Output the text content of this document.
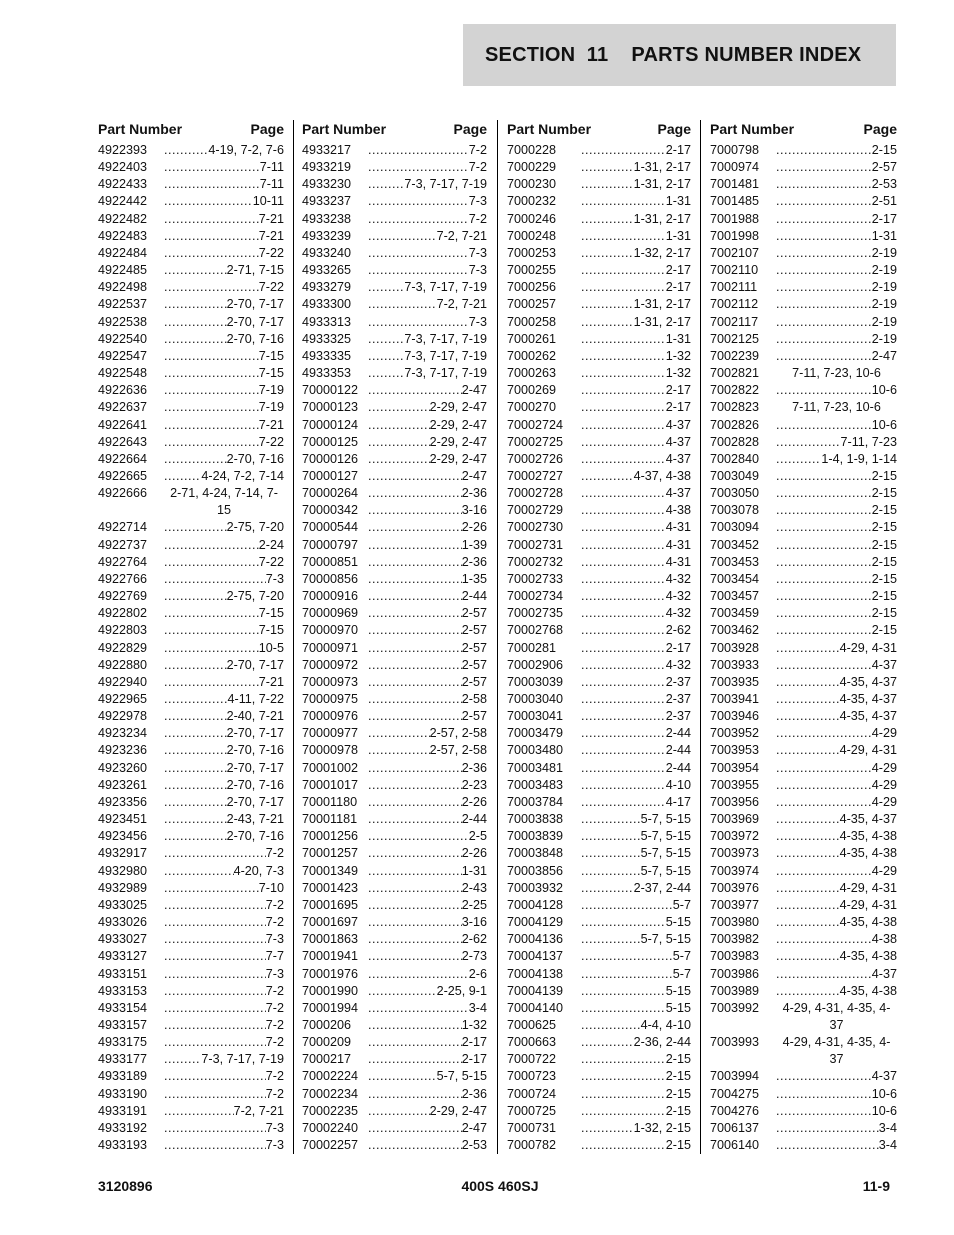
SECTION  11
PARTS NUMBER INDEX
Part Number	Page
4922393 .....	4-19, 7-2, 7-6
4922403 .....	7-11
4922433 .....	7-11
4922442 .....	10-11
4922482 .....	7-21
4922483 .....	7-21
4922484 .....	7-22
4922485 .....	2-71, 7-15
4922498 .....	7-22
4922537 .....	2-70, 7-17
4922538 .....	2-70, 7-17
4922540 .....	2-70, 7-16
4922547 .....	7-15
4922548 .....	7-15
4922636 .....	7-19
4922637 .....	7-19
4922641 .....	7-21
4922643 .....	7-22
4922664 .....	2-70, 7-16
4922665 .....	4-24, 7-2, 7-14
4922666	2-71, 4-24, 7-14, 7-15
4922714 .....	2-75, 7-20
4922737 .....	2-24
4922764 .....	7-22
4922766 .....	7-3
4922769 .....	2-75, 7-20
4922802 .....	7-15
4922803 .....	7-15
4922829 .....	10-5
4922880 .....	2-70, 7-17
4922940 .....	7-21
4922965 .....	4-11, 7-22
4922978 .....	2-40, 7-21
4923234 .....	2-70, 7-17
4923236 .....	2-70, 7-16
4923260 .....	2-70, 7-17
4923261 .....	2-70, 7-16
4923356 .....	2-70, 7-17
4923451 .....	2-43, 7-21
4923456 .....	2-70, 7-16
4932917 .....	7-2
4932980 .....	4-20, 7-3
4932989 .....	7-10
4933025 .....	7-2
4933026 .....	7-2
4933027 .....	7-3
4933127 .....	7-7
4933151 .....	7-3
4933153 .....	7-2
4933154 .....	7-2
4933157 .....	7-2
4933175 .....	7-2
4933177 .....	7-3, 7-17, 7-19
4933189 .....	7-2
4933190 .....	7-2
4933191 .....	7-2, 7-21
4933192 .....	7-3
4933193 .....	7-3
Part Number	Page
4933217 .....	7-2
4933219 .....	7-2
4933230 .....	7-3, 7-17, 7-19
4933237 .....	7-3
4933238 .....	7-2
4933239 .....	7-2, 7-21
4933240 .....	7-3
4933265 .....	7-3
4933279 .....	7-3, 7-17, 7-19
4933300 .....	7-2, 7-21
4933313 .....	7-3
4933325 .....	7-3, 7-17, 7-19
4933335 .....	7-3, 7-17, 7-19
4933353 .....	7-3, 7-17, 7-19
70000122 .....	2-47
70000123 .....	2-29, 2-47
70000124 .....	2-29, 2-47
70000125 .....	2-29, 2-47
70000126 .....	2-29, 2-47
70000127 .....	2-47
70000264 .....	2-36
70000342 .....	3-16
70000544 .....	2-26
70000797 .....	1-39
70000851 .....	2-36
70000856 .....	1-35
70000916 .....	2-44
70000969 .....	2-57
70000970 .....	2-57
70000971 .....	2-57
70000972 .....	2-57
70000973 .....	2-57
70000975 .....	2-58
70000976 .....	2-57
70000977 .....	2-57, 2-58
70000978 .....	2-57, 2-58
70001002 .....	2-36
70001017 .....	2-23
70001180 .....	2-26
70001181 .....	2-44
70001256 .....	2-5
70001257 .....	2-26
70001349 .....	1-31
70001423 .....	2-43
70001695 .....	2-25
70001697 .....	3-16
70001863 .....	2-62
70001941 .....	2-73
70001976 .....	2-6
70001990 .....	2-25, 9-1
70001994 .....	3-4
7000206 .....	1-32
7000209 .....	2-17
7000217 .....	2-17
70002224 .....	5-7, 5-15
70002234 .....	2-36
70002235 .....	2-29, 2-47
70002240 .....	2-47
70002257 .....	2-53
Part Number	Page
7000228 .....	2-17
7000229 .....	1-31, 2-17
7000230 .....	1-31, 2-17
7000232 .....	1-31
7000246 .....	1-31, 2-17
7000248 .....	1-31
7000253 .....	1-32, 2-17
7000255 .....	2-17
7000256 .....	2-17
7000257 .....	1-31, 2-17
7000258 .....	1-31, 2-17
7000261 .....	1-31
7000262 .....	1-32
7000263 .....	1-32
7000269 .....	2-17
7000270 .....	2-17
70002724 .....	4-37
70002725 .....	4-37
70002726 .....	4-37
70002727 .....	4-37, 4-38
70002728 .....	4-37
70002729 .....	4-38
70002730 .....	4-31
70002731 .....	4-31
70002732 .....	4-31
70002733 .....	4-32
70002734 .....	4-32
70002735 .....	4-32
70002768 .....	2-62
7000281 .....	2-17
70002906 .....	4-32
70003039 .....	2-37
70003040 .....	2-37
70003041 .....	2-37
70003479 .....	2-44
70003480 .....	2-44
70003481 .....	2-44
70003483 .....	4-10
70003784 .....	4-17
70003838 .....	5-7, 5-15
70003839 .....	5-7, 5-15
70003848 .....	5-7, 5-15
70003856 .....	5-7, 5-15
70003932 .....	2-37, 2-44
70004128 .....	5-7
70004129 .....	5-15
70004136 .....	5-7, 5-15
70004137 .....	5-7
70004138 .....	5-7
70004139 .....	5-15
70004140 .....	5-15
7000625 .....	4-4, 4-10
7000663 .....	2-36, 2-44
7000722 .....	2-15
7000723 .....	2-15
7000724 .....	2-15
7000725 .....	2-15
7000731 .....	1-32, 2-15
7000782 .....	2-15
Part Number	Page
7000798 .....	2-15
7000974 .....	2-57
7001481 .....	2-53
7001485 .....	2-51
7001988 .....	2-17
7001998 .....	1-31
7002107 .....	2-19
7002110 .....	2-19
7002111 .....	2-19
7002112 .....	2-19
7002117 .....	2-19
7002125 .....	2-19
7002239 .....	2-47
7002821	7-11, 7-23, 10-6
7002822 .....	10-6
7002823	7-11, 7-23, 10-6
7002826 .....	10-6
7002828 .....	7-11, 7-23
7002840 .....	1-4, 1-9, 1-14
7003049 .....	2-15
7003050 .....	2-15
7003078 .....	2-15
7003094 .....	2-15
7003452 .....	2-15
7003453 .....	2-15
7003454 .....	2-15
7003457 .....	2-15
7003459 .....	2-15
7003462 .....	2-15
7003928 .....	4-29, 4-31
7003933 .....	4-37
7003935 .....	4-35, 4-37
7003941 .....	4-35, 4-37
7003946 .....	4-35, 4-37
7003952 .....	4-29
7003953 .....	4-29, 4-31
7003954 .....	4-29
7003955 .....	4-29
7003956 .....	4-29
7003969 .....	4-35, 4-37
7003972 .....	4-35, 4-38
7003973 .....	4-35, 4-38
7003974 .....	4-29
7003976 .....	4-29, 4-31
7003977 .....	4-29, 4-31
7003980 .....	4-35, 4-38
7003982 .....	4-38
7003983 .....	4-35, 4-38
7003986 .....	4-37
7003989 .....	4-35, 4-38
7003992	4-29, 4-31, 4-35, 4-37
7003993	4-29, 4-31, 4-35, 4-37
7003994 .....	4-37
7004275 .....	10-6
7004276 .....	10-6
7006137 .....	3-4
7006140 .....	3-4
3120896	400S 460SJ	11-9
